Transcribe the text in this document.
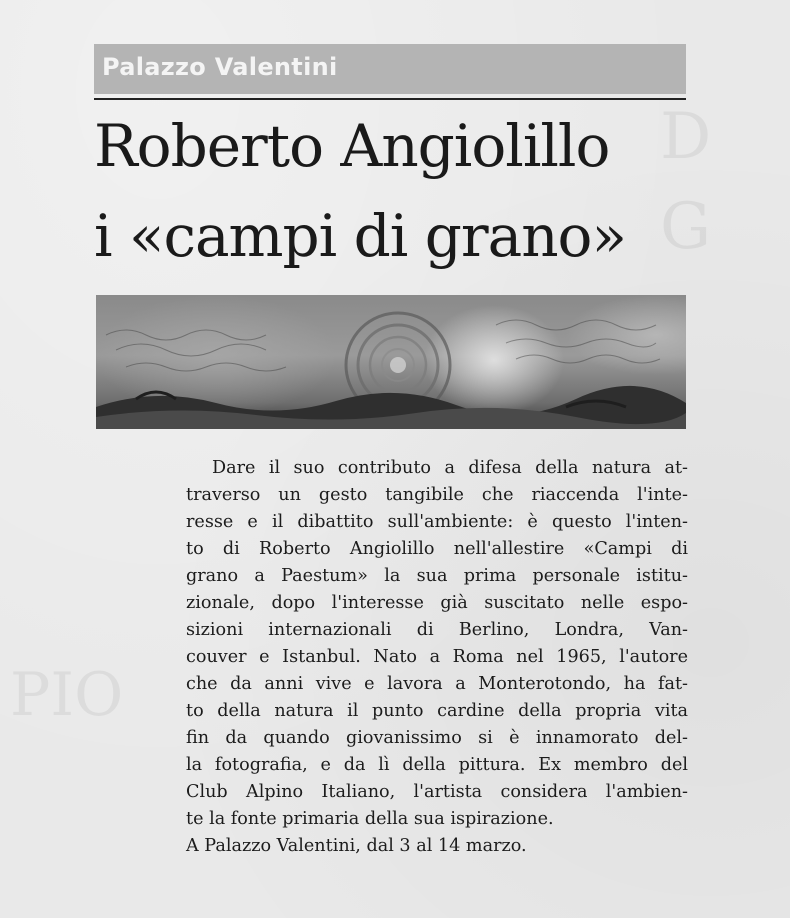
D
G
PIO
Palazzo Valentini
Roberto Angiolillo
i «campi di grano»
Dare il suo contributo a difesa della natura at-
traverso un gesto tangibile che riaccenda l'inte-
resse e il dibattito sull'ambiente: è questo l'inten-
to di Roberto Angiolillo nell'allestire «Campi di
grano a Paestum» la sua prima personale istitu-
zionale, dopo l'interesse già suscitato nelle espo-
sizioni internazionali di Berlino, Londra, Van-
couver e Istanbul. Nato a Roma nel 1965, l'autore
che da anni vive e lavora a Monterotondo, ha fat-
to della natura il punto cardine della propria vita
fin da quando giovanissimo si è innamorato del-
la fotografia, e da lì della pittura. Ex membro del
Club Alpino Italiano, l'artista considera l'ambien-
te la fonte primaria della sua ispirazione.
A Palazzo Valentini, dal 3 al 14 marzo.
